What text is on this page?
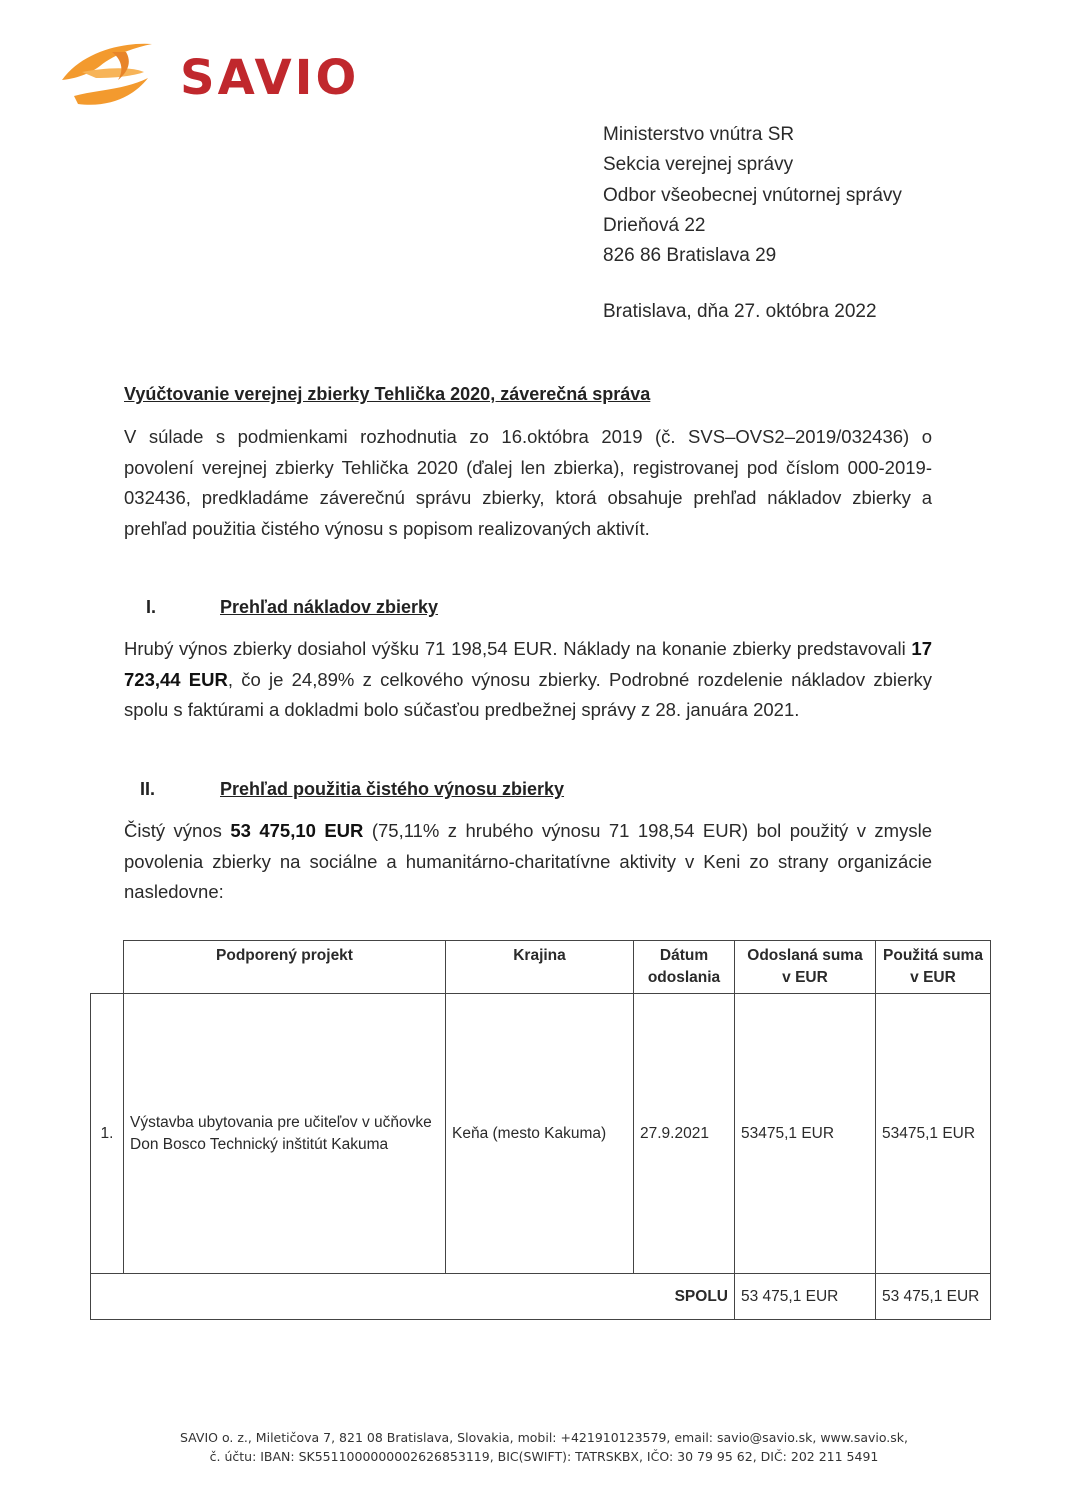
SAVIO
Ministerstvo vnútra SR
Sekcia verejnej správy
Odbor všeobecnej vnútornej správy
Drieňová 22
826 86 Bratislava 29
Bratislava, dňa 27. októbra 2022
Vyúčtovanie verejnej zbierky Tehlička 2020, záverečná správa
V súlade s podmienkami rozhodnutia zo 16.októbra 2019 (č. SVS–OVS2–2019/032436) o povolení verejnej zbierky Tehlička 2020 (ďalej len zbierka), registrovanej pod číslom 000-2019-032436, predkladáme záverečnú správu zbierky, ktorá obsahuje prehľad nákladov zbierky a prehľad použitia čistého výnosu s popisom realizovaných aktivít.
I.	Prehľad nákladov zbierky
Hrubý výnos zbierky dosiahol výšku 71 198,54 EUR. Náklady na konanie zbierky predstavovali 17 723,44 EUR, čo je 24,89% z celkového výnosu zbierky. Podrobné rozdelenie nákladov zbierky spolu s faktúrami a dokladmi bolo súčasťou predbežnej správy z 28. januára 2021.
II.	Prehľad použitia čistého výnosu zbierky
Čistý výnos 53 475,10 EUR (75,11% z hrubého výnosu 71 198,54 EUR) bol použitý v zmysle povolenia zbierky na sociálne a humanitárno-charitatívne aktivity v Keni zo strany organizácie nasledovne:
	Podporený projekt	Krajina	Dátum odoslania	Odoslaná suma v EUR	Použitá suma v EUR
1.	Výstavba ubytovania pre učiteľov v učňovke Don Bosco Technický inštitút Kakuma	Keňa (mesto Kakuma)	27.9.2021	53475,1 EUR	53475,1 EUR
SPOLU				53 475,1 EUR	53 475,1 EUR
SAVIO o. z., Miletičova 7, 821 08 Bratislava, Slovakia, mobil: +421910123579, email: savio@savio.sk, www.savio.sk,
č. účtu: IBAN: SK5511000000002626853119, BIC(SWIFT): TATRSKBX, IČO: 30 79 95 62, DIČ: 202 211 5491
